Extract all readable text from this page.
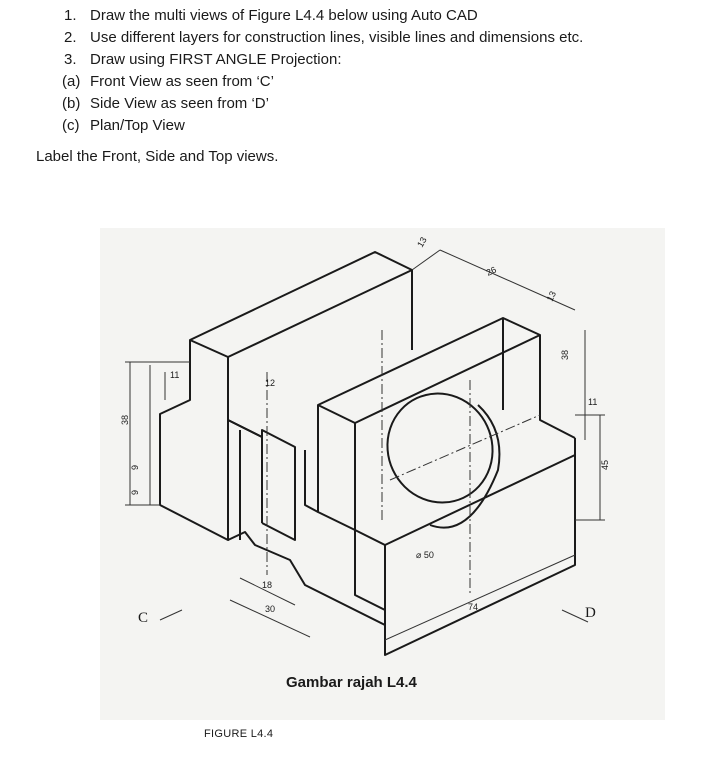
1. Draw the multi views of Figure L4.4 below using Auto CAD
2. Use different layers for construction lines, visible lines and dimensions etc.
3. Draw using FIRST ANGLE Projection:
(a) Front View as seen from ‘C’
(b) Side View as seen from ‘D’
(c) Plan/Top View
Label the Front, Side and Top views.
13
26
13
38
11
45
38
11
9
9
12
18
30	74
⌀ 50
C	D
Gambar rajah L4.4
FIGURE L4.4
